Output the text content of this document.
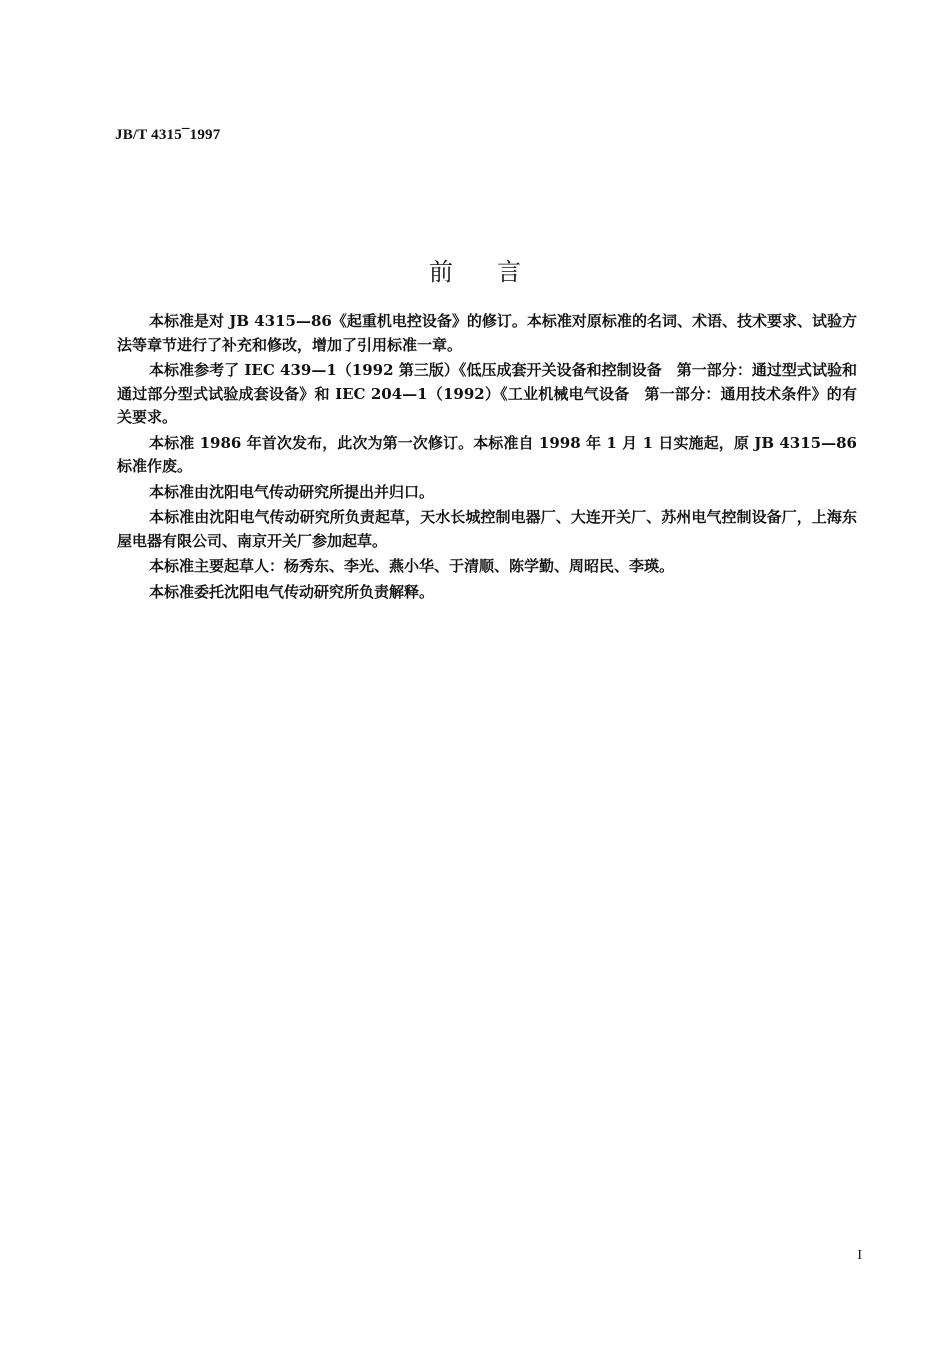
JB/T 4315¯1997
前言

本标准是对 JB 4315—86《起重机电控设备》的修订。本标准对原标准的名词、术语、技术要求、试验方法等章节进行了补充和修改，增加了引用标准一章。

本标准参考了 IEC 439—1（1992 第三版）《低压成套开关设备和控制设备　第一部分：通过型式试验和通过部分型式试验成套设备》和 IEC 204—1（1992）《工业机械电气设备　第一部分：通用技术条件》的有关要求。

本标准 1986 年首次发布，此次为第一次修订。本标准自 1998 年 1 月 1 日实施起，原 JB 4315—86 标准作废。

本标准由沈阳电气传动研究所提出并归口。

本标准由沈阳电气传动研究所负责起草，天水长城控制电器厂、大连开关厂、苏州电气控制设备厂，上海东屋电器有限公司、南京开关厂参加起草。

本标准主要起草人：杨秀东、李光、燕小华、于清顺、陈学勤、周昭民、李瑛。

本标准委托沈阳电气传动研究所负责解释。

I
